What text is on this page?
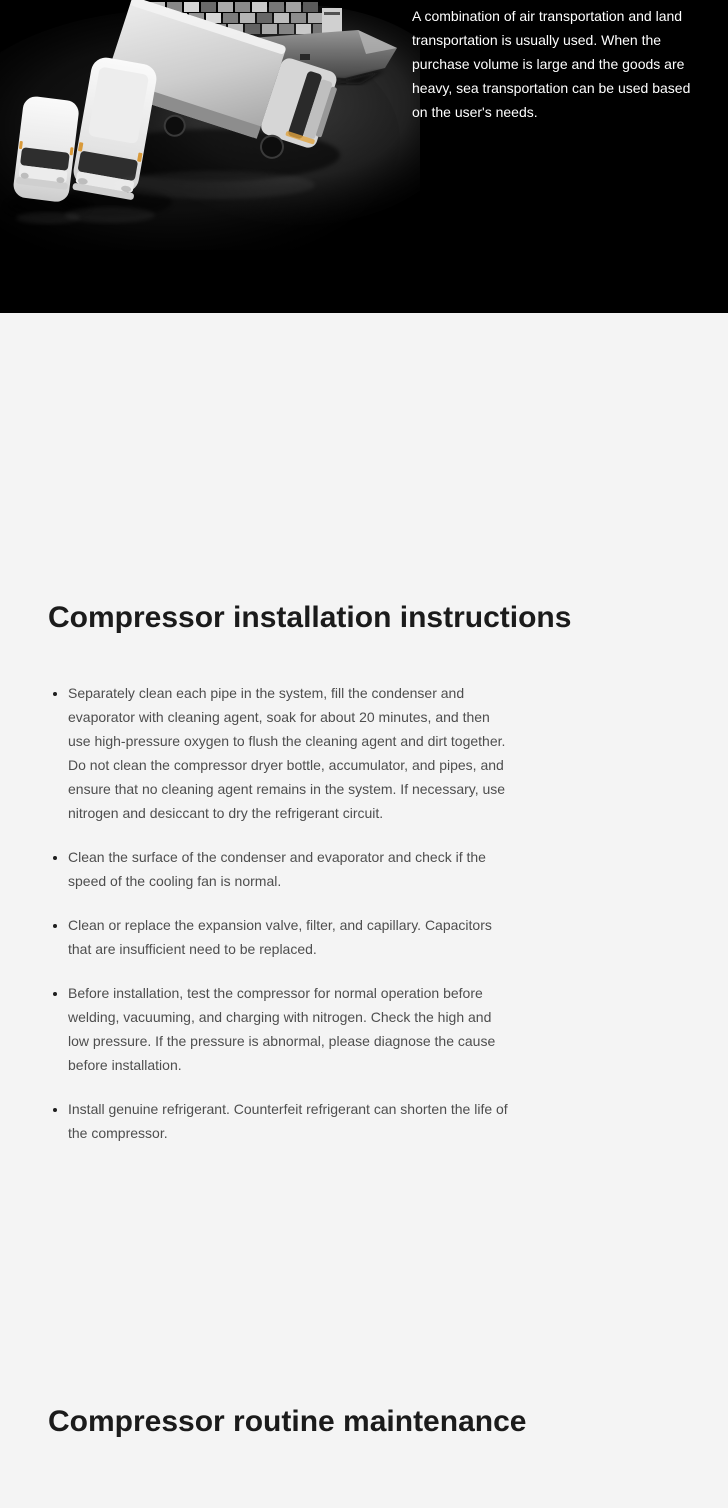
A combination of air transportation and land transportation is usually used. When the purchase volume is large and the goods are heavy, sea transportation can be used based on the user's needs.

Compressor installation instructions
• Separately clean each pipe in the system, fill the condenser and evaporator with cleaning agent, soak for about 20 minutes, and then use high-pressure oxygen to flush the cleaning agent and dirt together. Do not clean the compressor dryer bottle, accumulator, and pipes, and ensure that no cleaning agent remains in the system. If necessary, use nitrogen and desiccant to dry the refrigerant circuit.
• Clean the surface of the condenser and evaporator and check if the speed of the cooling fan is normal.
• Clean or replace the expansion valve, filter, and capillary. Capacitors that are insufficient need to be replaced.
• Before installation, test the compressor for normal operation before welding, vacuuming, and charging with nitrogen. Check the high and low pressure. If the pressure is abnormal, please diagnose the cause before installation.
• Install genuine refrigerant. Counterfeit refrigerant can shorten the life of the compressor.
Compressor routine maintenance
